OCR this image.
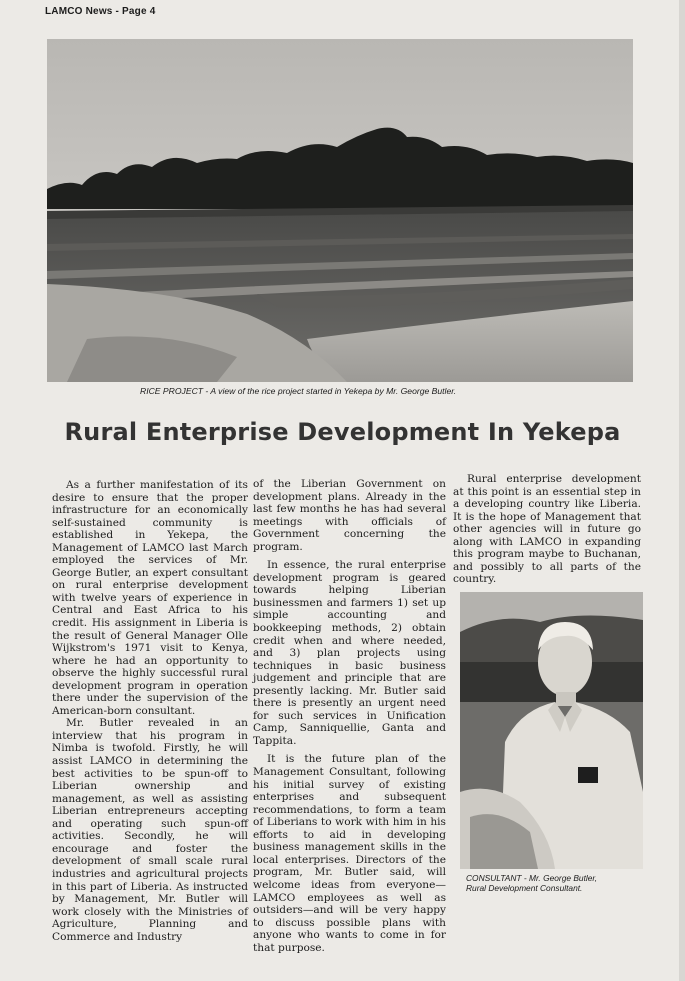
LAMCO News - Page 4
RICE PROJECT - A view of the rice project started in Yekepa by Mr. George Butler.
Rural Enterprise Development In Yekepa

As a further manifestation of its desire to ensure that the proper infrastructure for an economically self-sustained community is established in Yekepa, the Management of LAMCO last March employed the services of Mr. George Butler, an expert consultant on rural enterprise development with twelve years of experience in Central and East Africa to his credit. His assignment in Liberia is the result of General Manager Olle Wijkstrom's 1971 visit to Kenya, where he had an opportunity to observe the highly successful rural development program in operation there under the supervision of the American-born consultant.

Mr. Butler revealed in an interview that his program in Nimba is twofold. Firstly, he will assist LAMCO in determining the best activities to be spun-off to Liberian ownership and management, as well as assisting Liberian entrepreneurs accepting and operating such spun-off activities. Secondly, he will encourage and foster the development of small scale rural industries and agricultural projects in this part of Liberia. As instructed by Management, Mr. Butler will work closely with the Ministries of Agriculture, Planning and Commerce and Industry

of the Liberian Government on development plans. Already in the last few months he has had several meetings with officials of Government concerning the program.

In essence, the rural enterprise development program is geared towards helping Liberian businessmen and farmers 1) set up simple accounting and bookkeeping methods, 2) obtain credit when and where needed, and 3) plan projects using techniques in basic business judgement and principle that are presently lacking. Mr. Butler said there is presently an urgent need for such services in Unification Camp, Sanniquellie, Ganta and Tappita.

It is the future plan of the Management Consultant, following his initial survey of existing enterprises and subsequent recommendations, to form a team of Liberians to work with him in his efforts to aid in developing business management skills in the local enterprises. Directors of the program, Mr. Butler said, will welcome ideas from everyone—LAMCO employees as well as outsiders—and will be very happy to discuss possible plans with anyone who wants to come in for that purpose.

Rural enterprise development at this point is an essential step in a developing country like Liberia. It is the hope of Management that other agencies will in future go along with LAMCO in expanding this program maybe to Buchanan, and possibly to all parts of the country.

CONSULTANT - Mr. George Butler,
Rural Development Consultant.
